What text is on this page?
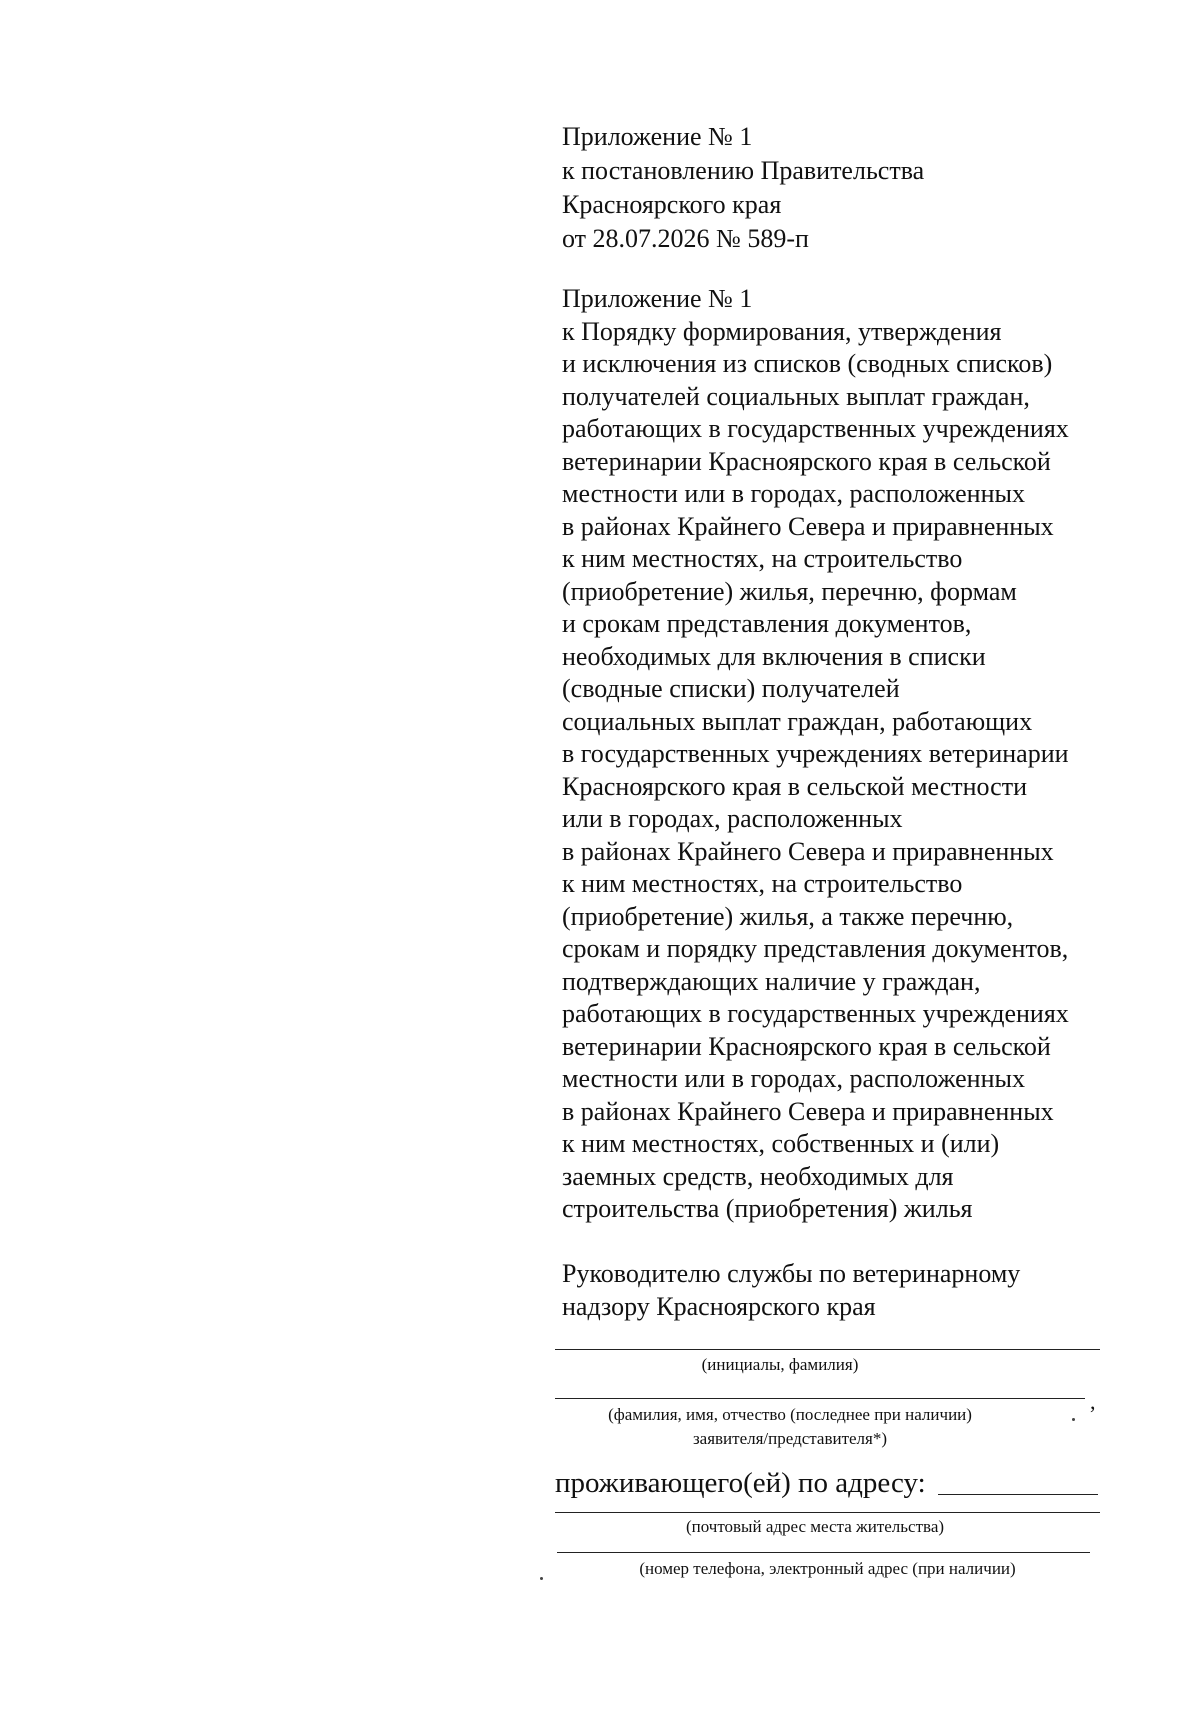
Приложение № 1
к постановлению Правительства
Красноярского края
от 28.07.2026 № 589-п
Приложение № 1
к Порядку формирования, утверждения
и исключения из списков (сводных списков)
получателей социальных выплат граждан,
работающих в государственных учреждениях
ветеринарии Красноярского края в сельской
местности или в городах, расположенных
в районах Крайнего Севера и приравненных
к ним местностях, на строительство
(приобретение) жилья, перечню, формам
и срокам представления документов,
необходимых для включения в списки
(сводные списки) получателей
социальных выплат граждан, работающих
в государственных учреждениях ветеринарии
Красноярского края в сельской местности
или в городах, расположенных
в районах Крайнего Севера и приравненных
к ним местностях, на строительство
(приобретение) жилья, а также перечню,
срокам и порядку представления документов,
подтверждающих наличие у граждан,
работающих в государственных учреждениях
ветеринарии Красноярского края в сельской
местности или в городах, расположенных
в районах Крайнего Севера и приравненных
к ним местностях, собственных и (или)
заемных средств, необходимых для
строительства (приобретения) жилья
Руководителю службы по ветеринарному
надзору Красноярского края
(инициалы, фамилия)
,
(фамилия, имя, отчество (последнее при наличии)
заявителя/представителя*)
проживающего(ей) по адресу:
(почтовый адрес места жительства)
(номер телефона, электронный адрес (при наличии)
